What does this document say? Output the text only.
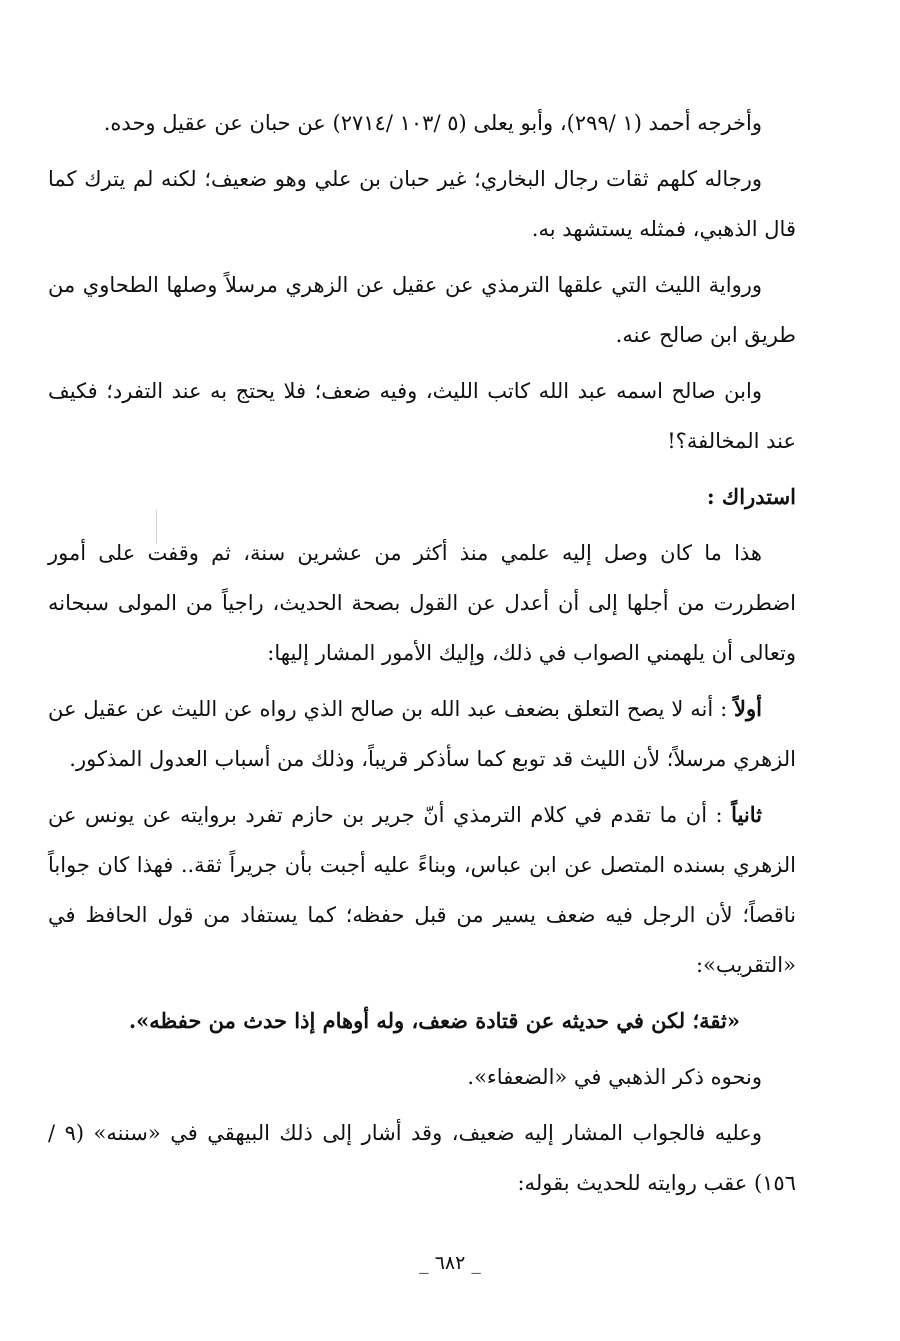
وأخرجه أحمد (١ /٢٩٩)، وأبو يعلى (٥ /١٠٣ /٢٧١٤) عن حبان عن عقيل وحده.

ورجاله كلهم ثقات رجال البخاري؛ غير حبان بن علي وهو ضعيف؛ لكنه لم يترك كما قال الذهبي، فمثله يستشهد به.

ورواية الليث التي علقها الترمذي عن عقيل عن الزهري مرسلاً وصلها الطحاوي من طريق ابن صالح عنه.

وابن صالح اسمه عبد الله كاتب الليث، وفيه ضعف؛ فلا يحتج به عند التفرد؛ فكيف عند المخالفة؟!

استدراك :

هذا ما كان وصل إليه علمي منذ أكثر من عشرين سنة، ثم وقفت على أمور اضطررت من أجلها إلى أن أعدل عن القول بصحة الحديث، راجياً من المولى سبحانه وتعالى أن يلهمني الصواب في ذلك، وإليك الأمور المشار إليها:

أولاً : أنه لا يصح التعلق بضعف عبد الله بن صالح الذي رواه عن الليث عن عقيل عن الزهري مرسلاً؛ لأن الليث قد توبع كما سأذكر قريباً، وذلك من أسباب العدول المذكور.

ثانياً : أن ما تقدم في كلام الترمذي أنّ جرير بن حازم تفرد بروايته عن يونس عن الزهري بسنده المتصل عن ابن عباس، وبناءً عليه أجبت بأن جريراً ثقة.. فهذا كان جواباً ناقصاً؛ لأن الرجل فيه ضعف يسير من قبل حفظه؛ كما يستفاد من قول الحافظ في «التقريب»:

«ثقة؛ لكن في حديثه عن قتادة ضعف، وله أوهام إذا حدث من حفظه».

ونحوه ذكر الذهبي في «الضعفاء».

وعليه فالجواب المشار إليه ضعيف، وقد أشار إلى ذلك البيهقي في «سننه» (٩ / ١٥٦) عقب روايته للحديث بقوله:

_ ٦٨٢ _
